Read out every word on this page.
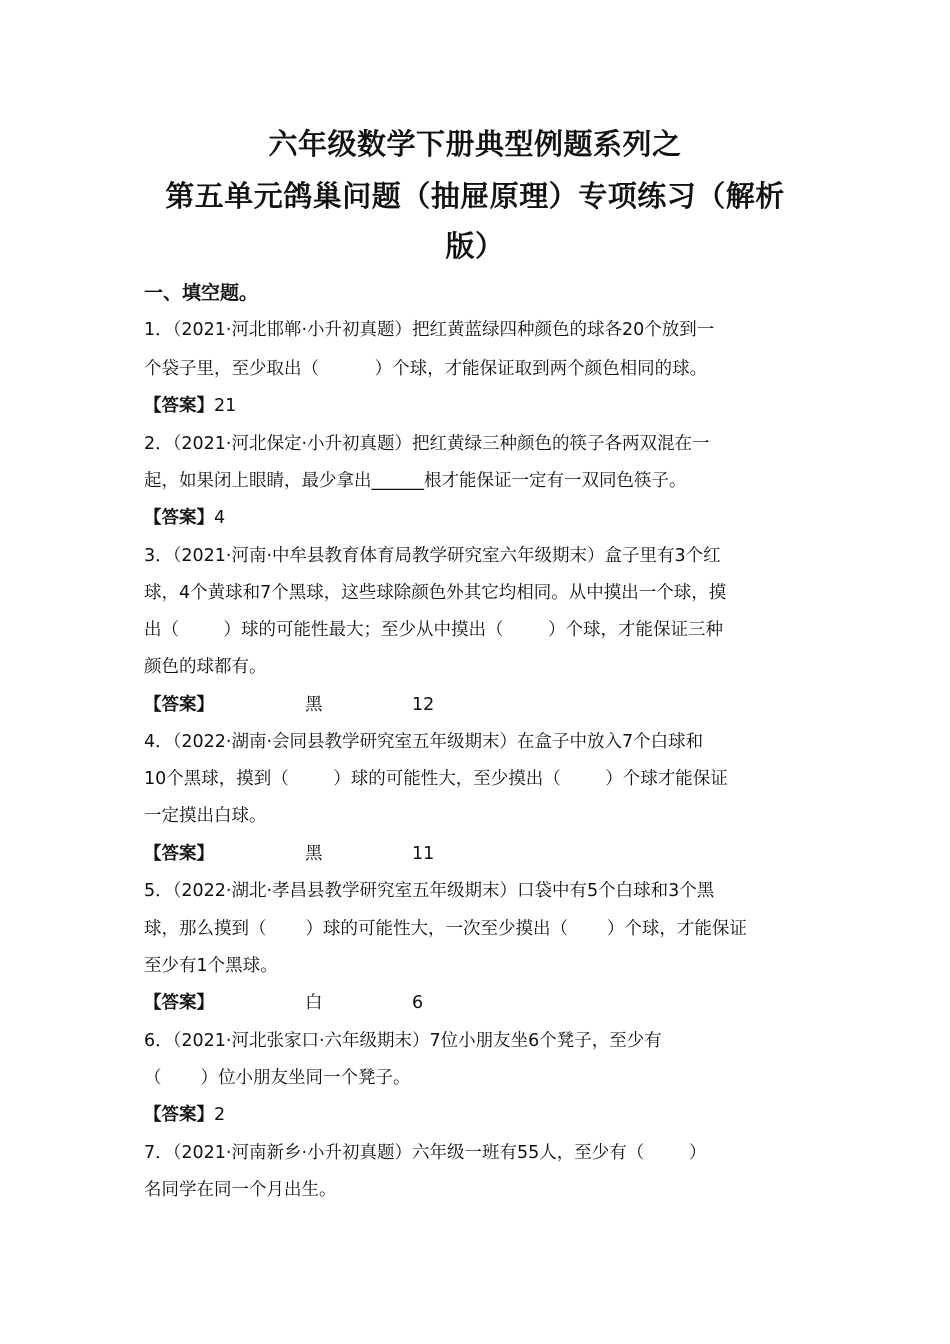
六年级数学下册典型例题系列之
第五单元鸽巢问题（抽屉原理）专项练习（解析
版）
一、填空题。
1．（2021·河北邯郸·小升初真题）把红黄蓝绿四种颜色的球各20个放到一
个袋子里，至少取出（          ）个球，才能保证取到两个颜色相同的球。
【答案】21
2．（2021·河北保定·小升初真题）把红黄绿三种颜色的筷子各两双混在一
起，如果闭上眼睛，最少拿出______根才能保证一定有一双同色筷子。
【答案】4
3．（2021·河南·中牟县教育体育局教学研究室六年级期末）盒子里有3个红
球，4个黄球和7个黑球，这些球除颜色外其它均相同。从中摸出一个球，摸
出（        ）球的可能性最大；至少从中摸出（        ）个球，才能保证三种
颜色的球都有。
【答案】	黑	12
4．（2022·湖南·会同县教学研究室五年级期末）在盒子中放入7个白球和
10个黑球，摸到（        ）球的可能性大，至少摸出（        ）个球才能保证
一定摸出白球。
【答案】	黑	11
5．（2022·湖北·孝昌县教学研究室五年级期末）口袋中有5个白球和3个黑
球，那么摸到（       ）球的可能性大，一次至少摸出（       ）个球，才能保证
至少有1个黑球。
【答案】	白	6
6．（2021·河北张家口·六年级期末）7位小朋友坐6个凳子，至少有
（       ）位小朋友坐同一个凳子。
【答案】2
7．（2021·河南新乡·小升初真题）六年级一班有55人，至少有（        ）
名同学在同一个月出生。
